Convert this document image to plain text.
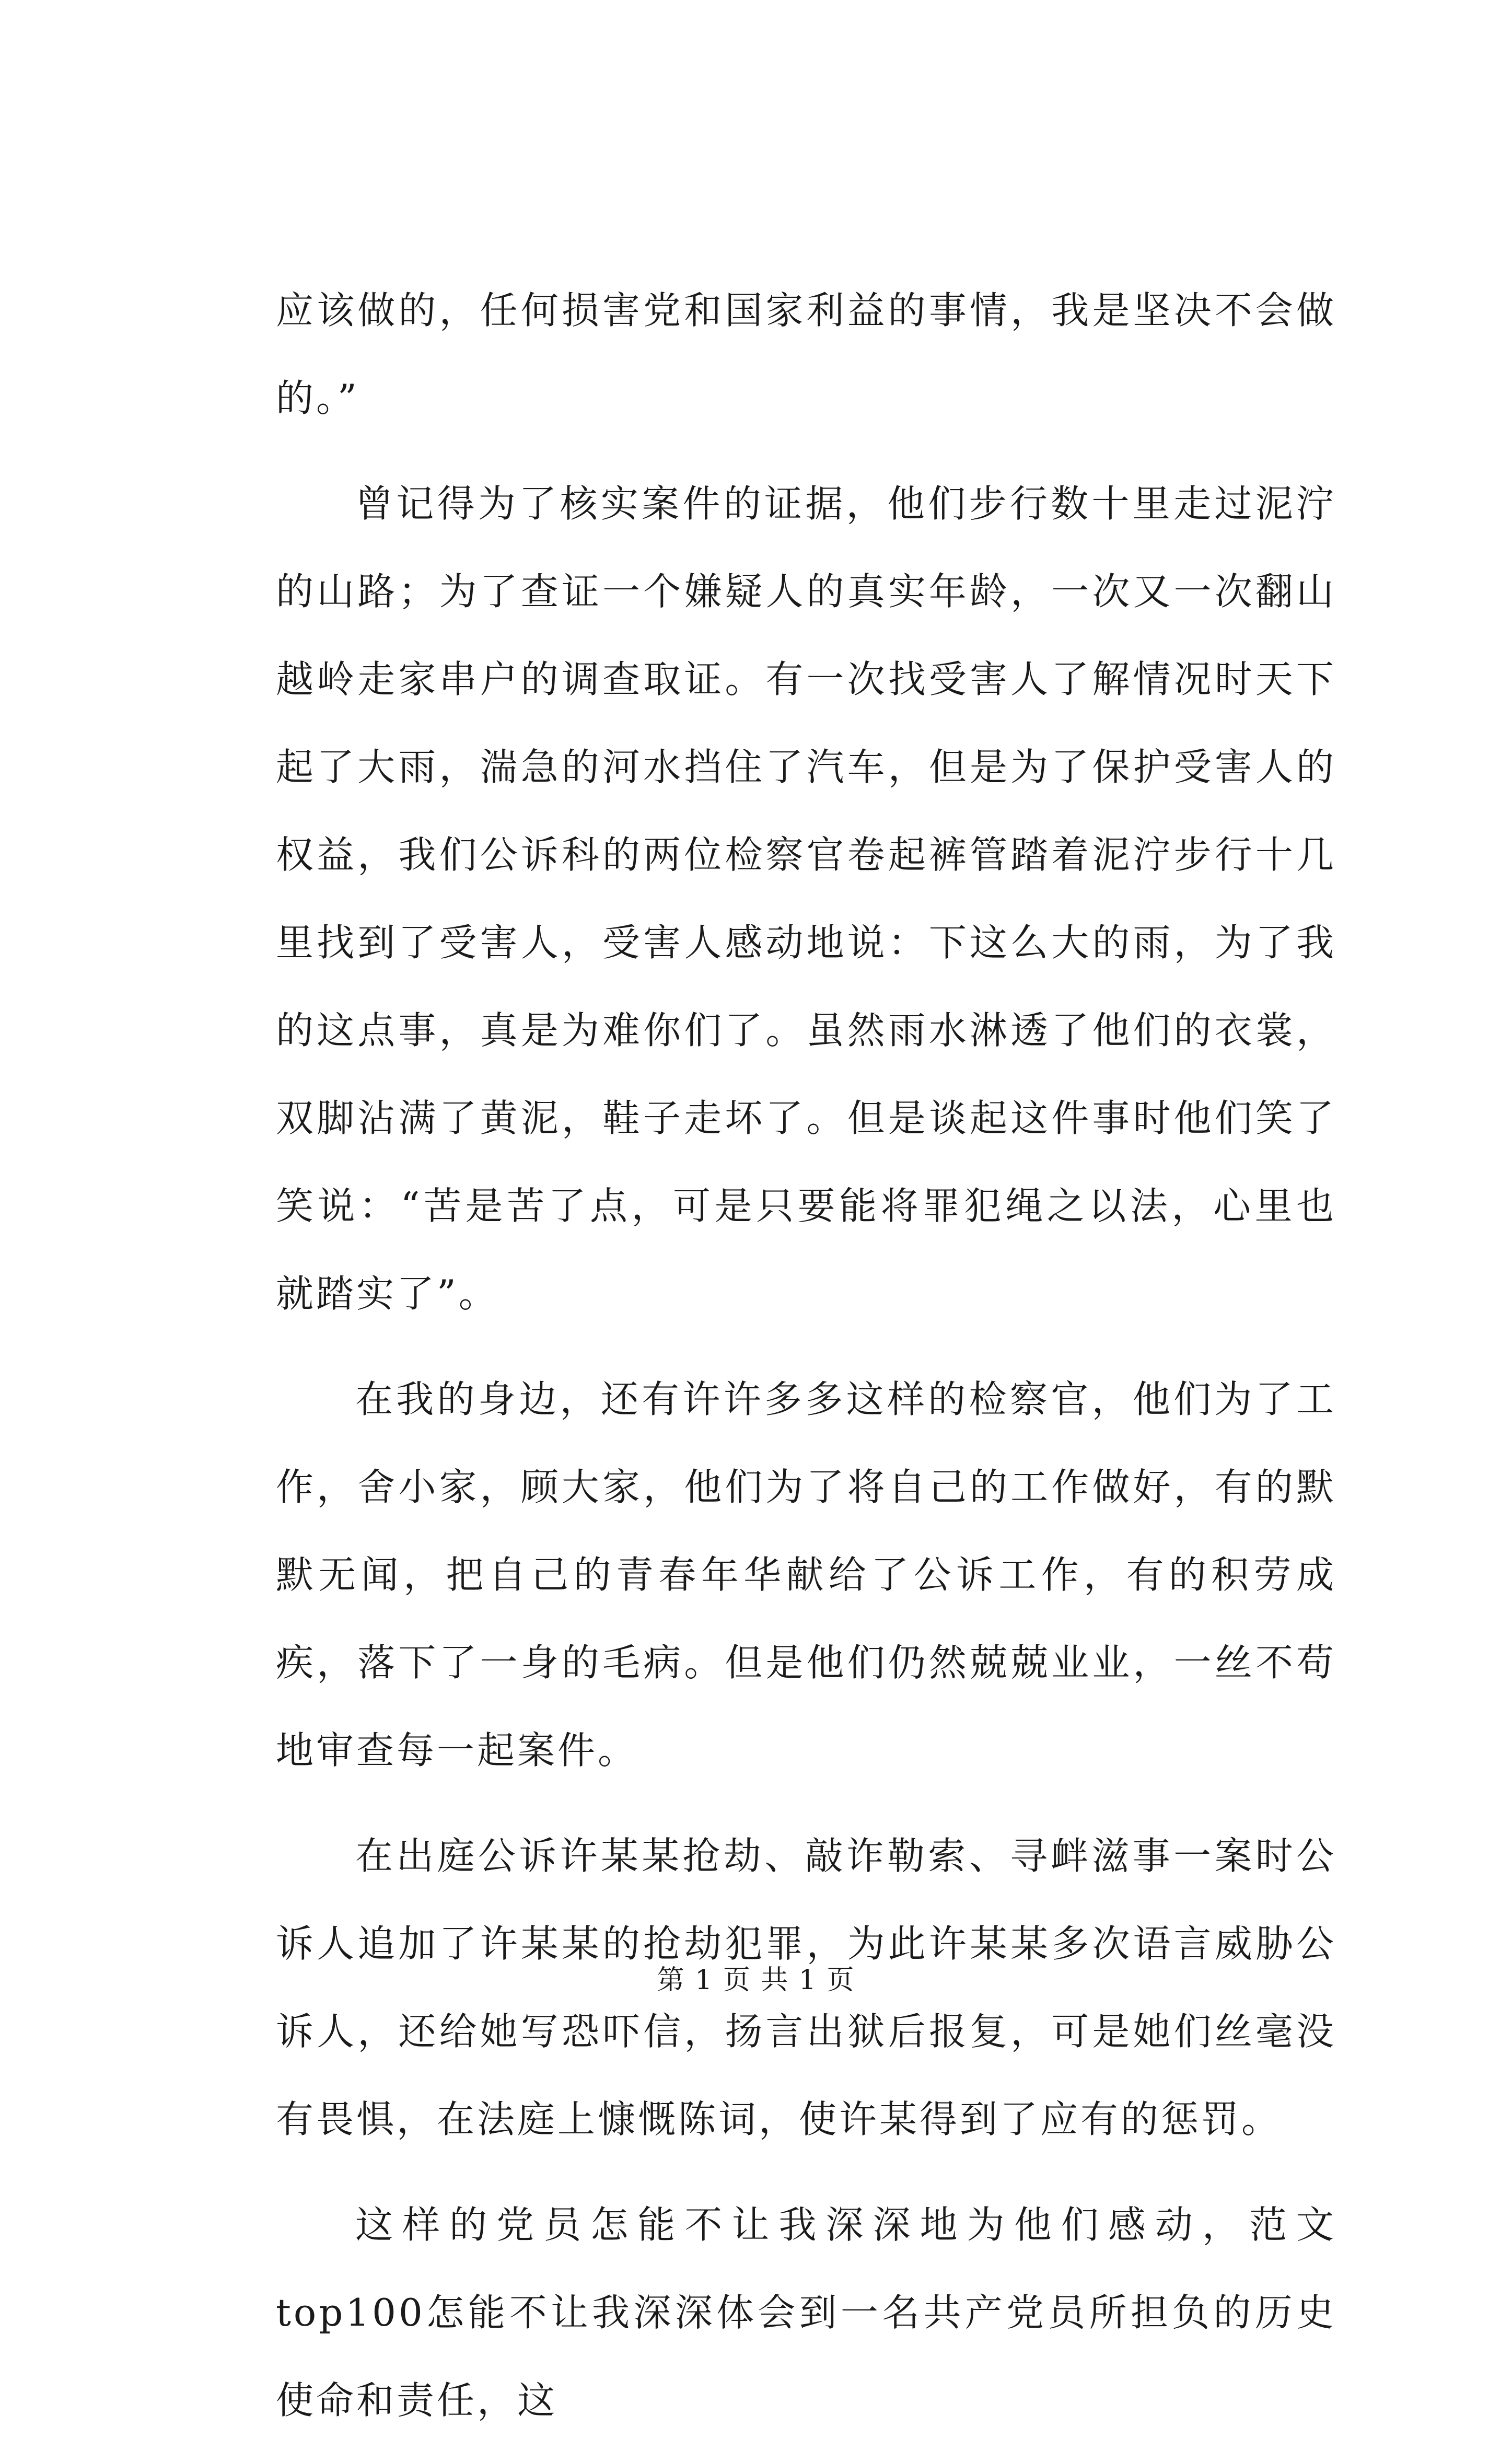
应该做的，任何损害党和国家利益的事情，我是坚决不会做的。”

曾记得为了核实案件的证据，他们步行数十里走过泥泞的山路；为了查证一个嫌疑人的真实年龄，一次又一次翻山越岭走家串户的调查取证。有一次找受害人了解情况时天下起了大雨，湍急的河水挡住了汽车，但是为了保护受害人的权益，我们公诉科的两位检察官卷起裤管踏着泥泞步行十几里找到了受害人，受害人感动地说：下这么大的雨，为了我的这点事，真是为难你们了。虽然雨水淋透了他们的衣裳，双脚沾满了黄泥，鞋子走坏了。但是谈起这件事时他们笑了笑说：“苦是苦了点，可是只要能将罪犯绳之以法，心里也就踏实了”。

在我的身边，还有许许多多这样的检察官，他们为了工作，舍小家，顾大家，他们为了将自己的工作做好，有的默默无闻，把自己的青春年华献给了公诉工作，有的积劳成疾，落下了一身的毛病。但是他们仍然兢兢业业，一丝不苟地审查每一起案件。

在出庭公诉许某某抢劫、敲诈勒索、寻衅滋事一案时公诉人追加了许某某的抢劫犯罪，为此许某某多次语言威胁公诉人，还给她写恐吓信，扬言出狱后报复，可是她们丝毫没有畏惧，在法庭上慷慨陈词，使许某得到了应有的惩罚。

这样的党员怎能不让我深深地为他们感动，范文top100怎能不让我深深体会到一名共产党员所担负的历史使命和责任，这

第 1 页 共 1 页
